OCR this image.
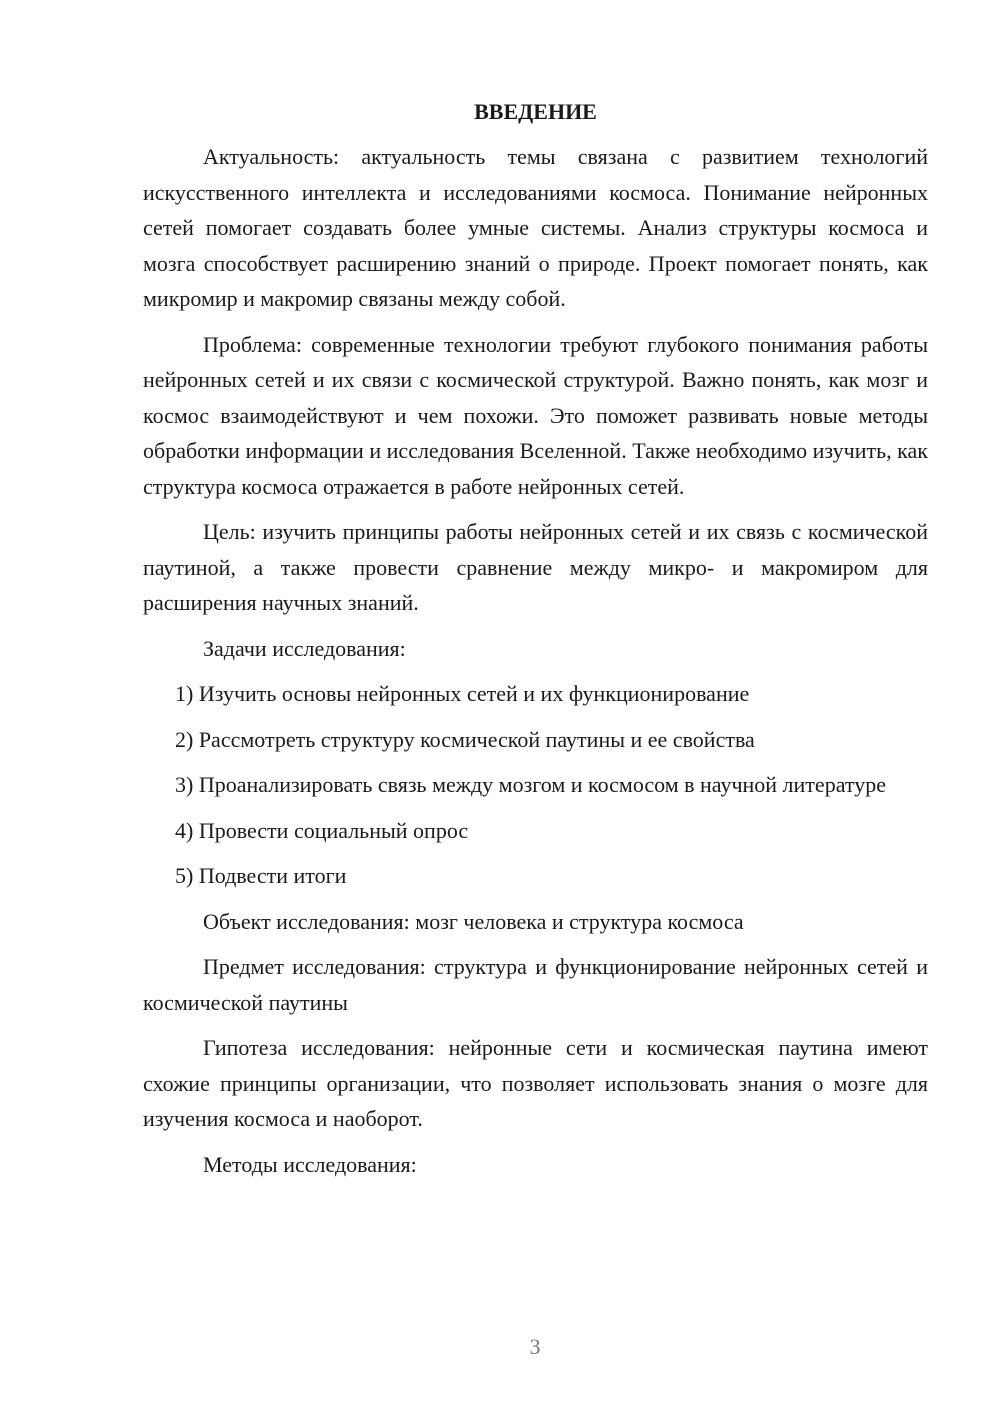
ВВЕДЕНИЕ

Актуальность: актуальность темы связана с развитием технологий искусственного интеллекта и исследованиями космоса. Понимание нейронных сетей помогает создавать более умные системы. Анализ структуры космоса и мозга способствует расширению знаний о природе. Проект помогает понять, как микромир и макромир связаны между собой.

Проблема: современные технологии требуют глубокого понимания работы нейронных сетей и их связи с космической структурой. Важно понять, как мозг и космос взаимодействуют и чем похожи. Это поможет развивать новые методы обработки информации и исследования Вселенной. Также необходимо изучить, как структура космоса отражается в работе нейронных сетей.

Цель: изучить принципы работы нейронных сетей и их связь с космической паутиной, а также провести сравнение между микро- и макромиром для расширения научных знаний.

Задачи исследования:

1) Изучить основы нейронных сетей и их функционирование

2) Рассмотреть структуру космической паутины и ее свойства

3) Проанализировать связь между мозгом и космосом в научной литературе

4) Провести социальный опрос

5) Подвести итоги

Объект исследования: мозг человека и структура космоса

Предмет исследования: структура и функционирование нейронных сетей и космической паутины

Гипотеза исследования: нейронные сети и космическая паутина имеют схожие принципы организации, что позволяет использовать знания о мозге для изучения космоса и наоборот.

Методы исследования:

3
